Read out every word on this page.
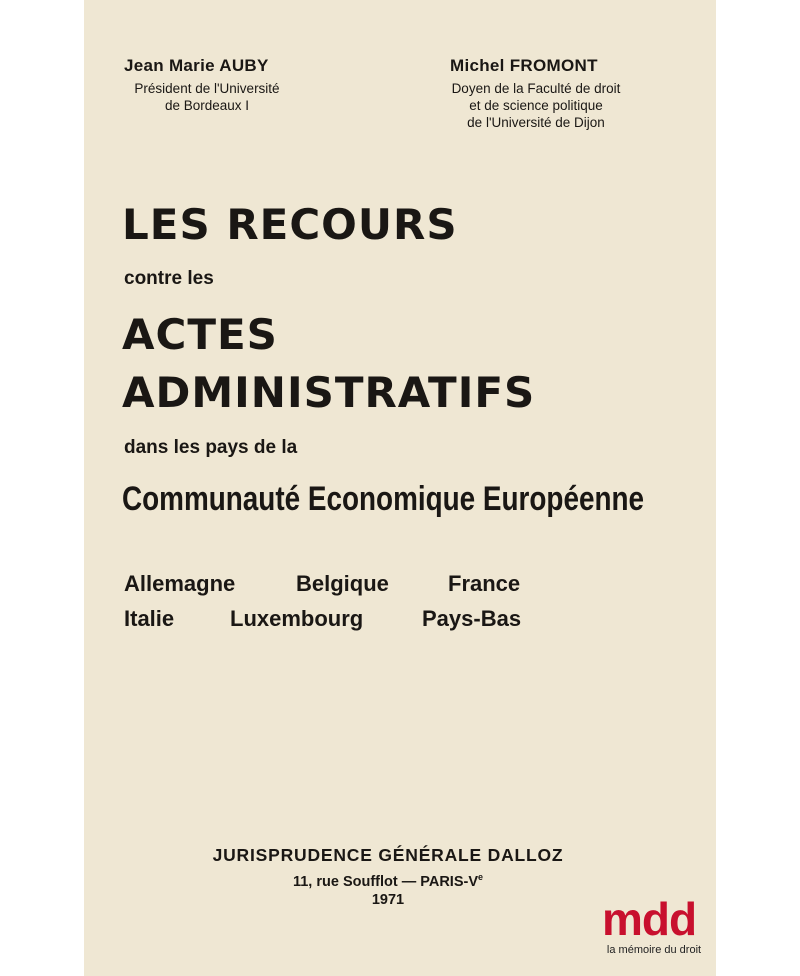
Jean Marie AUBY
Président de l'Université
de Bordeaux I
Michel FROMONT
Doyen de la Faculté de droit
et de science politique
de l'Université de Dijon
LES RECOURS
contre les
ACTES
ADMINISTRATIFS
dans les pays de la
Communauté Economique Européenne
Allemagne	Belgique	France
Italie	Luxembourg	Pays-Bas
JURISPRUDENCE GÉNÉRALE DALLOZ
11, rue Soufflot — PARIS-Ve
1971	mdd
la mémoire du droit
